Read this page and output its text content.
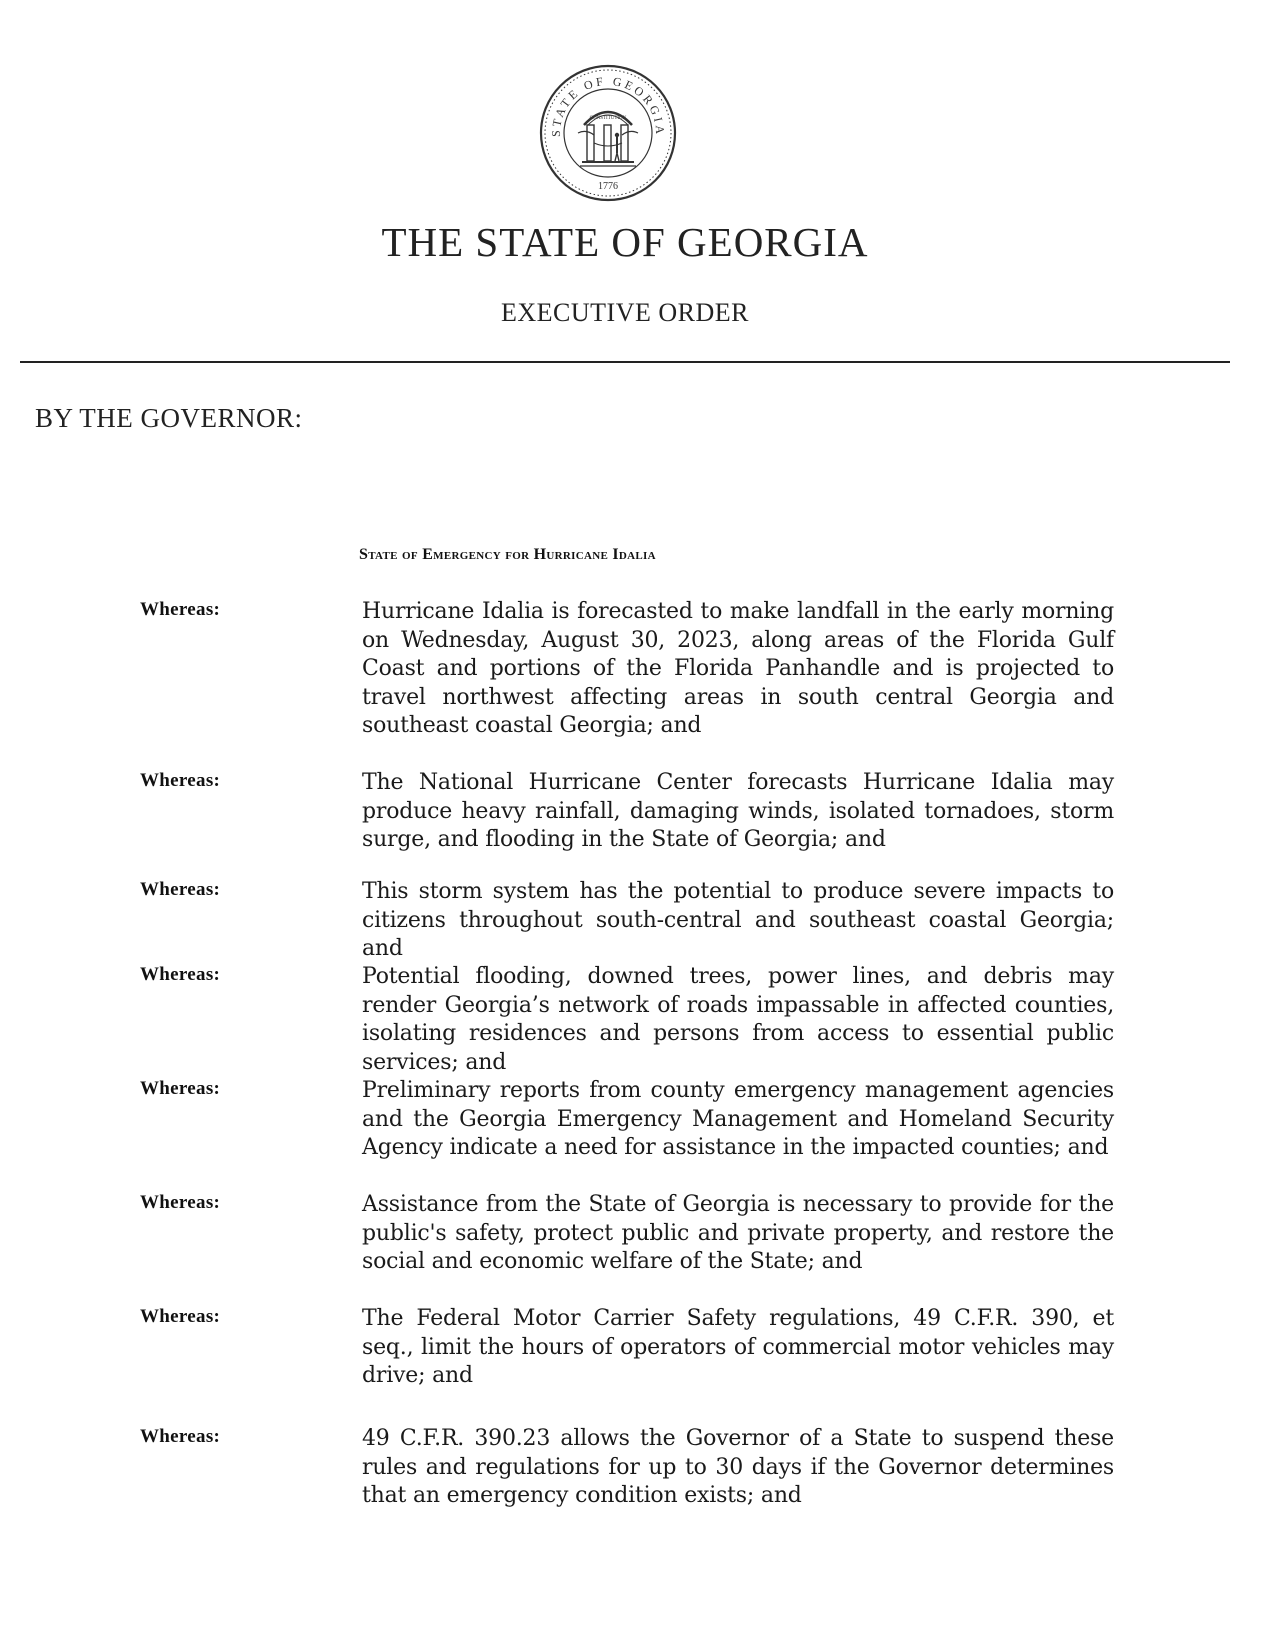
STATE OF GEORGIA
1776
CONSTITUTION
THE STATE OF GEORGIA
EXECUTIVE ORDER
BY THE GOVERNOR:
State of Emergency for Hurricane Idalia
Whereas:	Hurricane Idalia is forecasted to make landfall in the early morning on Wednesday, August 30, 2023, along areas of the Florida Gulf Coast and portions of the Florida Panhandle and is projected to travel northwest affecting areas in south central Georgia and southeast coastal Georgia; and
Whereas:	The National Hurricane Center forecasts Hurricane Idalia may produce heavy rainfall, damaging winds, isolated tornadoes, storm surge, and flooding in the State of Georgia; and
Whereas:	This storm system has the potential to produce severe impacts to citizens throughout south-central and southeast coastal Georgia; and
Whereas:	Potential flooding, downed trees, power lines, and debris may render Georgia’s network of roads impassable in affected counties, isolating residences and persons from access to essential public services; and
Whereas:	Preliminary reports from county emergency management agencies and the Georgia Emergency Management and Homeland Security Agency indicate a need for assistance in the impacted counties; and
Whereas:	Assistance from the State of Georgia is necessary to provide for the public's safety, protect public and private property, and restore the social and economic welfare of the State; and
Whereas:	The Federal Motor Carrier Safety regulations, 49 C.F.R. 390, et seq., limit the hours of operators of commercial motor vehicles may drive; and
Whereas:	49 C.F.R. 390.23 allows the Governor of a State to suspend these rules and regulations for up to 30 days if the Governor determines that an emergency condition exists; and
